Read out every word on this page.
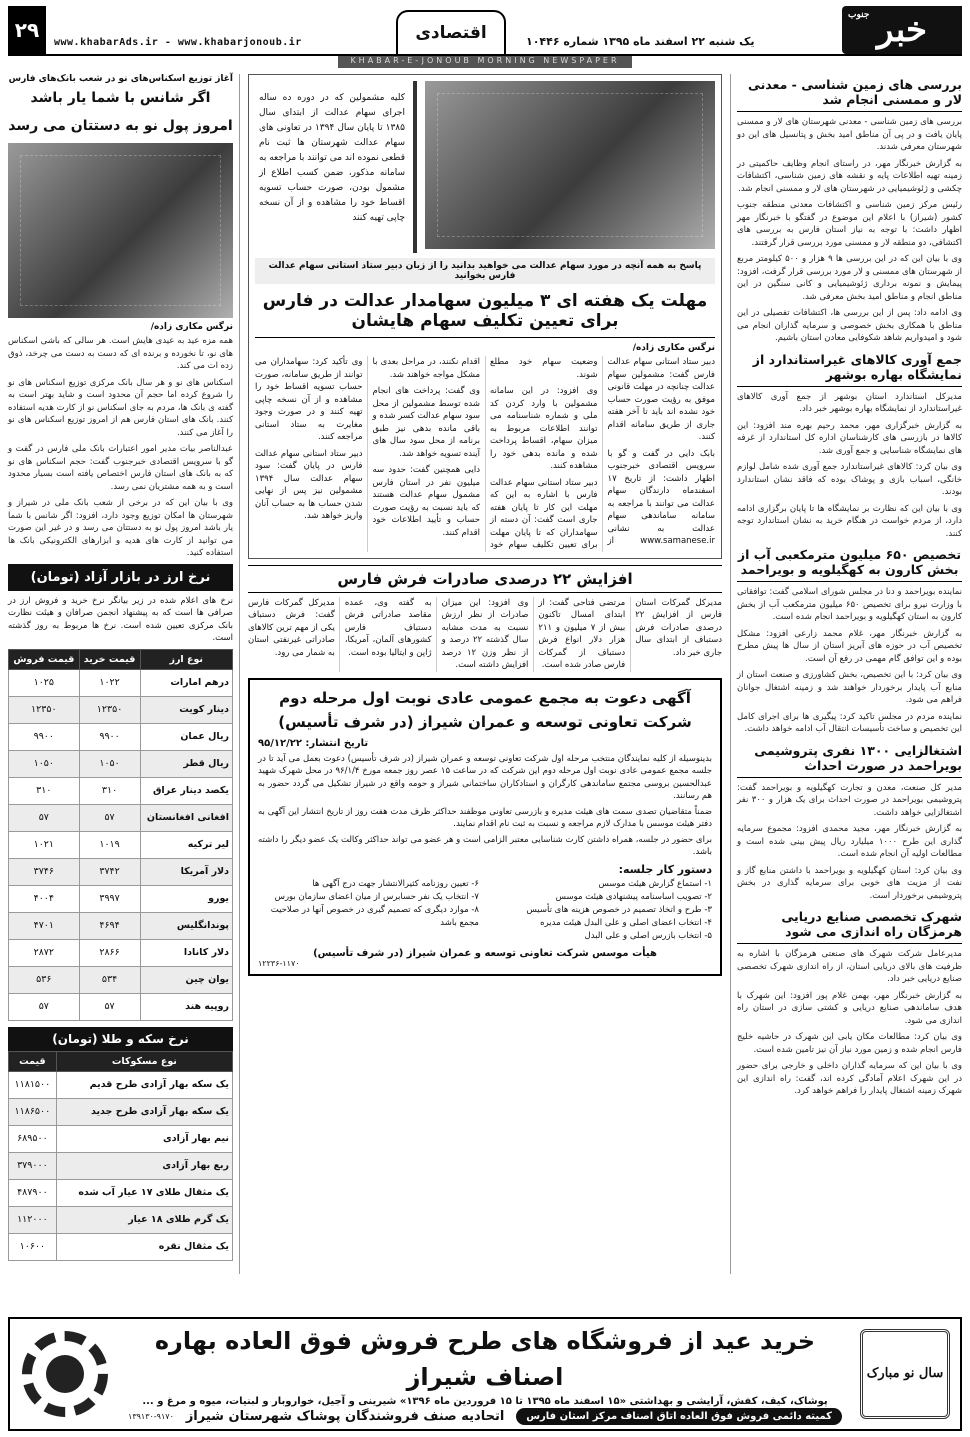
۲۹
www.khabarAds.ir - www.khabarjonoub.ir	اقتصادی	یک شنبه ۲۲ اسفند ماه ۱۳۹۵ شماره ۱۰۴۴۶
جنوب خبر
KHABAR-E-JONOUB MORNING NEWSPAPER
بررسی های زمین شناسی - معدنی لار و ممسنی انجام شد

بررسی های زمین شناسی - معدنی شهرستان های لار و ممسنی پایان یافت و در پی آن مناطق امید بخش و پتانسیل های این دو شهرستان معرفی شدند.

به گزارش خبرنگار مهر، در راستای انجام وظایف حاکمیتی در زمینه تهیه اطلاعات پایه و نقشه های زمین شناسی، اکتشافات چکشی و ژئوشیمیایی در شهرستان های لار و ممسنی انجام شد.

رئیس مرکز زمین شناسی و اکتشافات معدنی منطقه جنوب کشور (شیراز) با اعلام این موضوع در گفتگو با خبرنگار مهر اظهار داشت: با توجه به نیاز استان فارس به بررسی های اکتشافی، دو منطقه لار و ممسنی مورد بررسی قرار گرفتند.

وی با بیان این که در این بررسی ها ۹ هزار و ۵۰۰ کیلومتر مربع از شهرستان های ممسنی و لار مورد بررسی قرار گرفت، افزود: پیمایش و نمونه برداری ژئوشیمیایی و کانی سنگین در این مناطق انجام و مناطق امید بخش معرفی شد.

وی ادامه داد: پس از این بررسی ها، اکتشافات تفصیلی در این مناطق با همکاری بخش خصوصی و سرمایه گذاران انجام می شود و امیدواریم شاهد شکوفایی معادن استان باشیم.

جمع آوری کالاهای غیراستاندارد از نمایشگاه بهاره بوشهر

مدیرکل استاندارد استان بوشهر از جمع آوری کالاهای غیراستاندارد از نمایشگاه بهاره بوشهر خبر داد.

به گزارش خبرگزاری مهر، محمد رحیم بهره مند افزود: این کالاها در بازرسی های کارشناسان اداره کل استاندارد از غرفه های نمایشگاه شناسایی و جمع آوری شد.

وی بیان کرد: کالاهای غیراستاندارد جمع آوری شده شامل لوازم خانگی، اسباب بازی و پوشاک بوده که فاقد نشان استاندارد بودند.

وی با بیان این که نظارت بر نمایشگاه ها تا پایان برگزاری ادامه دارد، از مردم خواست در هنگام خرید به نشان استاندارد توجه کنند.

تخصیص ۶۵۰ میلیون مترمکعبی آب از بخش کارون به کهگیلویه و بویراحمد

نماینده بویراحمد و دنا در مجلس شورای اسلامی گفت: توافقاتی با وزارت نیرو برای تخصیص ۶۵۰ میلیون مترمکعب آب از بخش کارون به استان کهگیلویه و بویراحمد انجام شده است.

به گزارش خبرنگار مهر، غلام محمد زارعی افزود: مشکل تخصیص آب در حوزه های آبریز استان از سال ها پیش مطرح بوده و این توافق گام مهمی در رفع آن است.

وی بیان کرد: با این تخصیص، بخش کشاورزی و صنعت استان از منابع آب پایدار برخوردار خواهند شد و زمینه اشتغال جوانان فراهم می شود.

نماینده مردم در مجلس تاکید کرد: پیگیری ها برای اجرای کامل این تخصیص و ساخت تأسیسات انتقال آب ادامه خواهد داشت.

اشتغالزایی ۱۳۰۰ نفری پتروشیمی بویراحمد در صورت احداث

مدیر کل صنعت، معدن و تجارت کهگیلویه و بویراحمد گفت: پتروشیمی بویراحمد در صورت احداث برای یک هزار و ۳۰۰ نفر اشتغالزایی خواهد داشت.

به گزارش خبرنگار مهر، مجید محمدی افزود: مجموع سرمایه گذاری این طرح ۱۰۰۰ میلیارد ریال پیش بینی شده است و مطالعات اولیه آن انجام شده است.

وی بیان کرد: استان کهگیلویه و بویراحمد با داشتن منابع گاز و نفت از مزیت های خوبی برای سرمایه گذاری در بخش پتروشیمی برخوردار است.

شهرک تخصصی صنایع دریایی هرمزگان راه اندازی می شود

مدیرعامل شرکت شهرک های صنعتی هرمزگان با اشاره به ظرفیت های بالای دریایی استان، از راه اندازی شهرک تخصصی صنایع دریایی خبر داد.

به گزارش خبرنگار مهر، بهمن غلام پور افزود: این شهرک با هدف ساماندهی صنایع دریایی و کشتی سازی در استان راه اندازی می شود.

وی بیان کرد: مطالعات مکان یابی این شهرک در حاشیه خلیج فارس انجام شده و زمین مورد نیاز آن نیز تامین شده است.

وی با بیان این که سرمایه گذاران داخلی و خارجی برای حضور در این شهرک اعلام آمادگی کرده اند، گفت: راه اندازی این شهرک زمینه اشتغال پایدار را فراهم خواهد کرد.

کلیه مشمولین که در دوره ده ساله اجرای سهام عدالت از ابتدای سال ۱۳۸۵ تا پایان سال ۱۳۹۴ در تعاونی های سهام عدالت شهرستان ها ثبت نام قطعی نموده اند می توانند با مراجعه به سامانه مذکور، ضمن کسب اطلاع از مشمول بودن، صورت حساب تسویه اقساط خود را مشاهده و از آن نسخه چاپی تهیه کنند
پاسخ به همه آنچه در مورد سهام عدالت می خواهید بدانید را از زبان دبیر ستاد استانی سهام عدالت فارس بخوانید
مهلت یک هفته ای ۳ میلیون سهامدار عدالت در فارس برای تعیین تکلیف سهام هایشان
نرگس مکاری زاده/

دبیر ستاد استانی سهام عدالت فارس گفت: مشمولین سهام عدالت چنانچه در مهلت قانونی موفق به رؤیت صورت حساب خود نشده اند باید تا آخر هفته جاری از طریق سامانه اقدام کنند.

بابک دایی در گفت و گو با سرویس اقتصادی خبرجنوب اظهار داشت: از تاریخ ۱۷ اسفندماه دارندگان سهام عدالت می توانند با مراجعه به سامانه ساماندهی سهام عدالت به نشانی www.samanese.ir از وضعیت سهام خود مطلع شوند.

وی افزود: در این سامانه مشمولین با وارد کردن کد ملی و شماره شناسنامه می توانند اطلاعات مربوط به میزان سهام، اقساط پرداخت شده و مانده بدهی خود را مشاهده کنند.

دبیر ستاد استانی سهام عدالت فارس با اشاره به این که مهلت این کار تا پایان هفته جاری است گفت: آن دسته از سهامداران که تا پایان مهلت برای تعیین تکلیف سهام خود اقدام نکنند، در مراحل بعدی با مشکل مواجه خواهند شد.

وی گفت: پرداخت های انجام شده توسط مشمولین از محل سود سهام عدالت کسر شده و باقی مانده بدهی نیز طبق برنامه از محل سود سال های آینده تسویه خواهد شد.

دایی همچنین گفت: حدود سه میلیون نفر در استان فارس مشمول سهام عدالت هستند که باید نسبت به رؤیت صورت حساب و تأیید اطلاعات خود اقدام کنند.

وی تأکید کرد: سهامداران می توانند از طریق سامانه، صورت حساب تسویه اقساط خود را مشاهده و از آن نسخه چاپی تهیه کنند و در صورت وجود مغایرت به ستاد استانی مراجعه کنند.

دبیر ستاد استانی سهام عدالت فارس در پایان گفت: سود سهام عدالت سال ۱۳۹۴ مشمولین نیز پس از نهایی شدن حساب ها به حساب آنان واریز خواهد شد.

افزایش ۲۲ درصدی صادرات فرش فارس

مدیرکل گمرکات استان فارس از افزایش ۲۲ درصدی صادرات فرش دستباف از ابتدای سال جاری خبر داد.

مرتضی فتاحی گفت: از ابتدای امسال تاکنون بیش از ۷ میلیون و ۲۱۱ هزار دلار انواع فرش دستباف از گمرکات فارس صادر شده است.

وی افزود: این میزان صادرات از نظر ارزش نسبت به مدت مشابه سال گذشته ۲۲ درصد و از نظر وزن ۱۲ درصد افزایش داشته است.

به گفته وی، عمده مقاصد صادراتی فرش دستباف فارس کشورهای آلمان، آمریکا، ژاپن و ایتالیا بوده است.

مدیرکل گمرکات فارس گفت: فرش دستباف یکی از مهم ترین کالاهای صادراتی غیرنفتی استان به شمار می رود.

آگهی دعوت به مجمع عمومی عادی نوبت اول مرحله دوم
شرکت تعاونی توسعه و عمران شیراز (در شرف تأسیس)
تاریخ انتشار: ۹۵/۱۲/۲۲

بدینوسیله از کلیه نمایندگان منتخب مرحله اول شرکت تعاونی توسعه و عمران شیراز (در شرف تأسیس) دعوت بعمل می آید تا در جلسه مجمع عمومی عادی نوبت اول مرحله دوم این شرکت که در ساعت ۱۵ عصر روز جمعه مورخ ۹۶/۱/۴ در محل شهرک شهید عبدالحسین بروسی مجتمع ساماندهی کارگران و استادکاران ساختمانی شیراز و حومه واقع در شیراز تشکیل می گردد حضور به هم رسانند.

ضمناً متقاضیان تصدی سمت های هیئت مدیره و بازرسی تعاونی موظفند حداکثر ظرف مدت هفت روز از تاریخ انتشار این آگهی به دفتر هیئت موسس با مدارک لازم مراجعه و نسبت به ثبت نام اقدام نمایند.

برای حضور در جلسه، همراه داشتن کارت شناسایی معتبر الزامی است و هر عضو می تواند حداکثر وکالت یک عضو دیگر را داشته باشد.

دستور کار جلسه:
۱- استماع گزارش هیئت موسس
۲- تصویب اساسنامه پیشنهادی هیئت موسس
۳- طرح و اتخاذ تصمیم در خصوص هزینه های تأسیس
۴- انتخاب اعضای اصلی و علی البدل هیئت مدیره
۵- انتخاب بازرس اصلی و علی البدل
۶- تعیین روزنامه کثیرالانتشار جهت درج آگهی ها
۷- انتخاب یک نفر حسابرس از میان اعضای سازمان بورس
۸- موارد دیگری که تصمیم گیری در خصوص آنها در صلاحیت مجمع باشد
هیأت موسس شرکت تعاونی توسعه و عمران شیراز (در شرف تأسیس)
۱۲۲۳۶-۱۱۷۰
آغاز توزیع اسکناس‌های نو در شعب بانک‌های فارس
اگر شانس با شما یار باشد
امروز پول نو به دستتان می رسد
نرگس مکاری زاده/

همه مزه عید به عیدی هایش است. هر سالی که باشی اسکناس های نو، تا نخورده و برنده ای که دست به دست می چرخد، ذوق زده ات می کند.

اسکناس های نو و هر سال بانک مرکزی توزیع اسکناس های نو را شروع کرده اما حجم آن محدود است و شاید بهتر است به گفته ی بانک ها، مردم به جای اسکناس نو از کارت هدیه استفاده کنند. بانک های استان فارس هم از امروز توزیع اسکناس های نو را آغاز می کنند.

عبدالناصر بیات مدیر امور اعتبارات بانک ملی فارس در گفت و گو با سرویس اقتصادی خبرجنوب گفت: حجم اسکناس های نو که به بانک های استان فارس اختصاص یافته است بسیار محدود است و به همه مشتریان نمی رسد.

وی با بیان این که در برخی از شعب بانک ملی در شیراز و شهرستان ها امکان توزیع وجود دارد، افزود: اگر شانس با شما یار باشد امروز پول نو به دستتان می رسد و در غیر این صورت می توانید از کارت های هدیه و ابزارهای الکترونیکی بانک ها استفاده کنید.

نرخ ارز در بازار آزاد (تومان)
نرخ های اعلام شده در زیر بیانگر نرخ خرید و فروش ارز در صرافی ها است که به پیشنهاد انجمن صرافان و هیئت نظارت بانک مرکزی تعیین شده است. نرخ ها مربوط به روز گذشته است.
نوع ارز	قیمت خرید	قیمت فروش
درهم امارات	۱۰۲۲	۱۰۲۵
دینار کویت	۱۲۳۵۰	۱۲۳۵۰
ریال عمان	۹۹۰۰	۹۹۰۰
ریال قطر	۱۰۵۰	۱۰۵۰
یکصد دینار عراق	۳۱۰	۳۱۰
افغانی افغانستان	۵۷	۵۷
لیر ترکیه	۱۰۱۹	۱۰۲۱
دلار آمریکا	۳۷۴۲	۳۷۴۶
یورو	۳۹۹۷	۴۰۰۴
پوندانگلیس	۴۶۹۴	۴۷۰۱
دلار کانادا	۲۸۶۶	۲۸۷۲
یوان چین	۵۳۴	۵۳۶
روپیه هند	۵۷	۵۷
نرخ سکه و طلا (تومان)
نوع مسکوکات	قیمت
یک سکه بهار آزادی طرح قدیم	۱۱۸۱۵۰۰
یک سکه بهار آزادی طرح جدید	۱۱۸۶۵۰۰
نیم بهار آزادی	۶۸۹۵۰۰
ربع بهار آزادی	۳۷۹۰۰۰
یک مثقال طلای ۱۷ عیار آب شده	۴۸۷۹۰۰
یک گرم طلای ۱۸ عیار	۱۱۲۰۰۰
یک مثقال نقره	۱۰۶۰۰
خرید عید از فروشگاه های طرح فروش فوق العاده بهاره اصناف شیراز
پوشاک، کیف، کفش، آرایشی و بهداشتی «۱۵ اسفند ماه ۱۳۹۵ تا ۱۵ فروردین ماه ۱۳۹۶» شیرینی و آجیل، خواروبار و لبنیات، میوه و مرغ و ...
کمیته دائمی فروش فوق العاده اتاق اصناف مرکز استان فارس
اتحادیه صنف فروشندگان پوشاک شهرستان شیراز
۱۳۹۱۳۰-۹۱۷۰
سال نو مبارک
